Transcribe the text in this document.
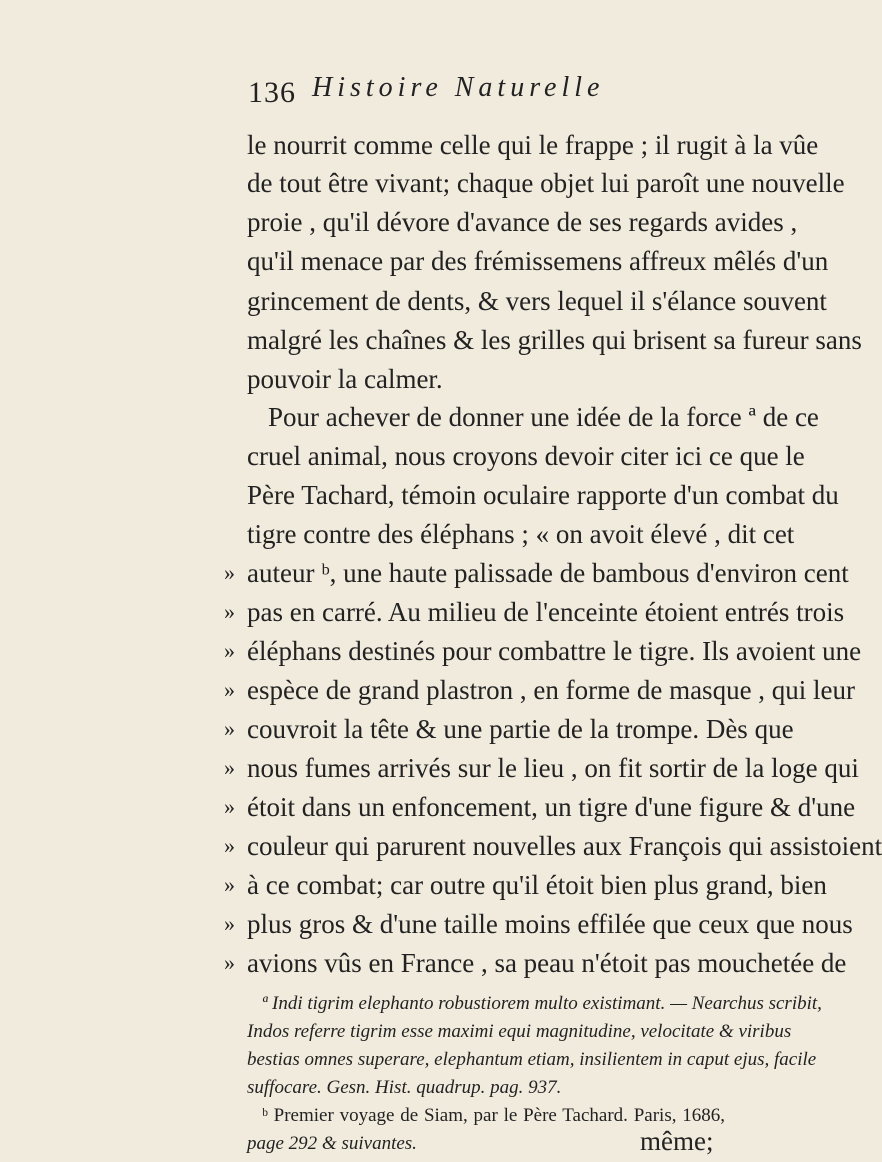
136 Histoire Naturelle
le nourrit comme celle qui le frappe ; il rugit à la vûe
de tout être vivant; chaque objet lui paroît une nouvelle
proie , qu'il dévore d'avance de ses regards avides ,
qu'il menace par des frémissemens affreux mêlés d'un
grincement de dents, & vers lequel il s'élance souvent
malgré les chaînes & les grilles qui brisent sa fureur sans
pouvoir la calmer.
Pour achever de donner une idée de la force ª de ce
cruel animal, nous croyons devoir citer ici ce que le
Père Tachard, témoin oculaire rapporte d'un combat du
tigre contre des éléphans ; « on avoit élevé , dit cet
» auteur ᵇ, une haute palissade de bambous d'environ cent
» pas en carré. Au milieu de l'enceinte étoient entrés trois
» éléphans destinés pour combattre le tigre. Ils avoient une
» espèce de grand plastron , en forme de masque , qui leur
» couvroit la tête & une partie de la trompe. Dès que
» nous fumes arrivés sur le lieu , on fit sortir de la loge qui
» étoit dans un enfoncement, un tigre d'une figure & d'une
» couleur qui parurent nouvelles aux François qui assistoient
» à ce combat; car outre qu'il étoit bien plus grand, bien
» plus gros & d'une taille moins effilée que ceux que nous
» avions vûs en France , sa peau n'étoit pas mouchetée de
ª Indi tigrim elephanto robustiorem multo existimant. — Nearchus scribit,
Indos referre tigrim esse maximi equi magnitudine, velocitate & viribus
bestias omnes superare, elephantum etiam, insilientem in caput ejus, facile
suffocare. Gesn. Hist. quadrup. pag. 937.
ᵇ Premier voyage de Siam, par le Père Tachard. Paris, 1686,
page 292 & suivantes.	même;
